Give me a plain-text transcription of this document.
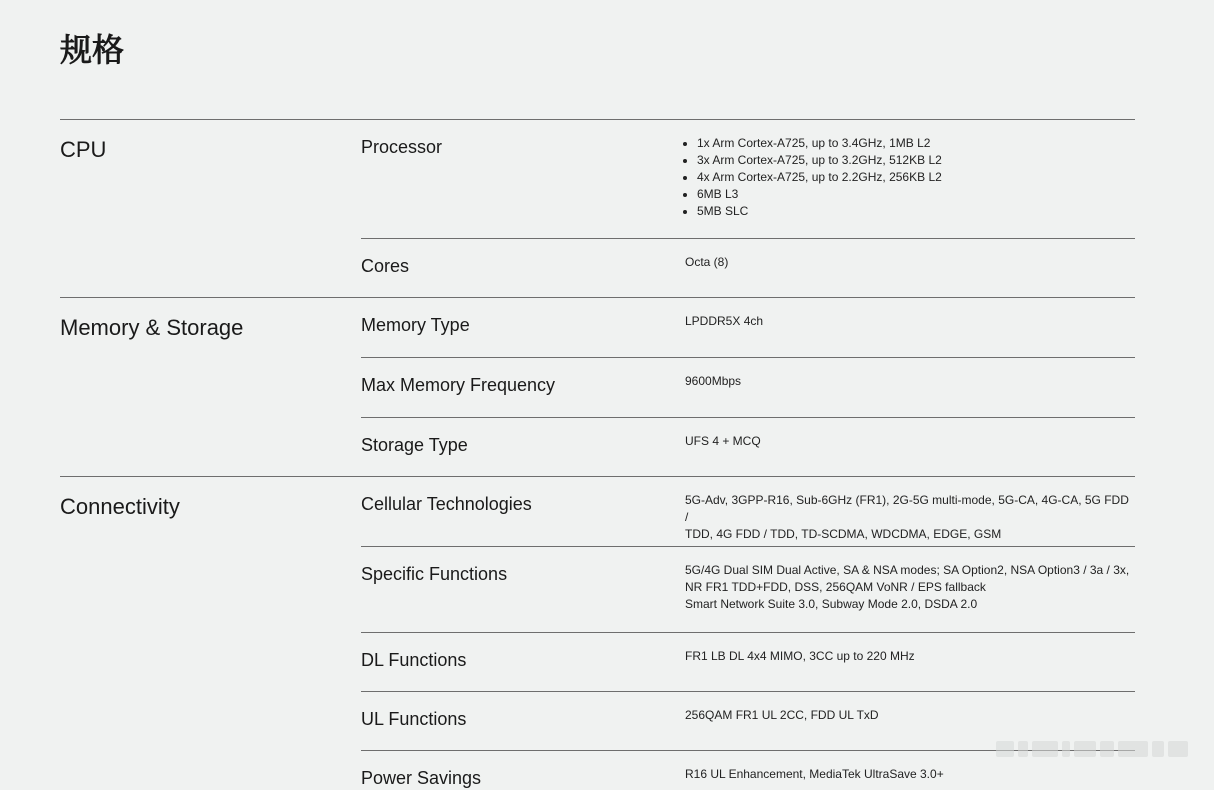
规格
CPU	Processor
•	1x Arm Cortex-A725, up to 3.4GHz, 1MB L2
• 3x Arm Cortex-A725, up to 3.2GHz, 512KB L2
• 4x Arm Cortex-A725, up to 2.2GHz, 256KB L2
• 6MB L3
• 5MB SLC
Cores	Octa (8)
Memory & Storage	Memory Type	LPDDR5X 4ch
Max Memory Frequency	9600Mbps
Storage Type	UFS 4 + MCQ
Connectivity	Cellular Technologies	5G-Adv, 3GPP-R16, Sub-6GHz (FR1), 2G-5G multi-mode, 5G-CA, 4G-CA, 5G FDD /
TDD, 4G FDD / TDD, TD-SCDMA, WDCDMA, EDGE, GSM
Specific Functions	5G/4G Dual SIM Dual Active, SA & NSA modes; SA Option2, NSA Option3 / 3a / 3x,
NR FR1 TDD+FDD, DSS, 256QAM VoNR / EPS fallback
Smart Network Suite 3.0, Subway Mode 2.0, DSDA 2.0
DL Functions	FR1 LB DL 4x4 MIMO, 3CC up to 220 MHz
UL Functions	256QAM FR1 UL 2CC, FDD UL TxD
Power Savings	R16 UL Enhancement, MediaTek UltraSave 3.0+
